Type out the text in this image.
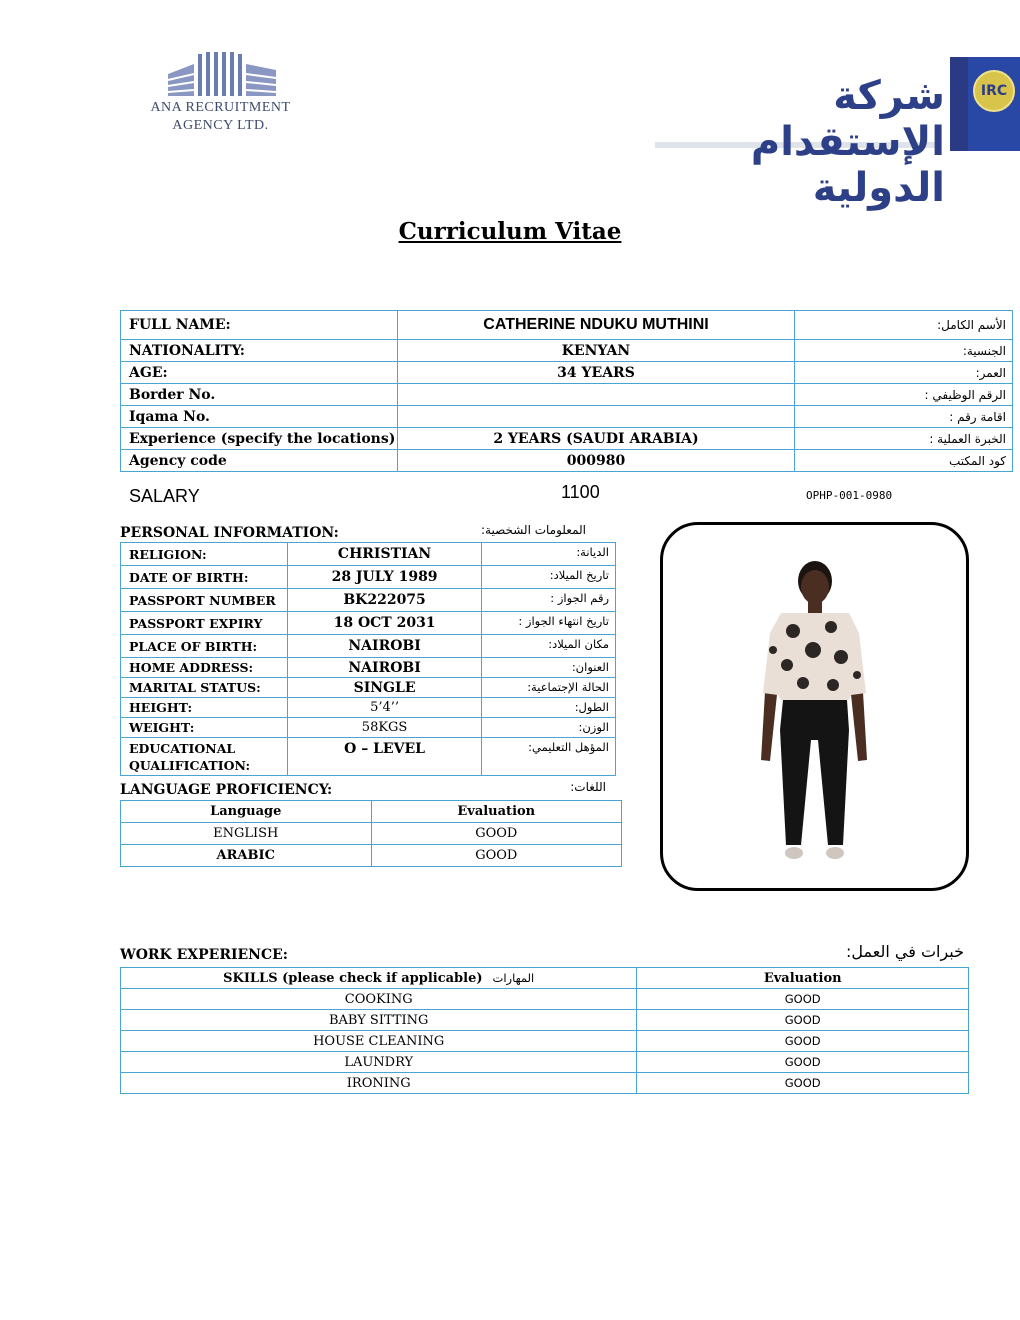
ANA RECRUITMENT
AGENCY LTD.
شركة الإستقدام الدولية
IRC
Curriculum Vitae
FULL NAME:	CATHERINE NDUKU MUTHINI	الأسم الكامل:
NATIONALITY:	KENYAN	الجنسية:
AGE:	34 YEARS	العمر:
Border No.		الرقم الوظيفي :
Iqama No.		اقامة رقم :
Experience (specify the locations)	2 YEARS (SAUDI ARABIA)	الخبرة العملية :
Agency code	000980	كود المكتب
SALARY	1100	OPHP-001-0980
PERSONAL INFORMATION:	المعلومات الشخصية:
RELIGION:	CHRISTIAN	الديانة:
DATE OF BIRTH:	28 JULY 1989	تاريخ الميلاد:
PASSPORT NUMBER	BK222075	رقم الجواز :
PASSPORT EXPIRY	18 OCT 2031	تاريخ انتهاء الجواز :
PLACE OF BIRTH:	NAIROBI	مكان الميلاد:
HOME ADDRESS:	NAIROBI	العنوان:
MARITAL STATUS:	SINGLE	الحالة الإجتماعية:
HEIGHT:	5’4’’	الطول:
WEIGHT:	58KGS	الوزن:
EDUCATIONAL QUALIFICATION:	O – LEVEL	المؤهل التعليمي:
LANGUAGE PROFICIENCY:	اللغات:
Language	Evaluation
ENGLISH	GOOD
ARABIC	GOOD
WORK EXPERIENCE:	خبرات في العمل:
SKILLS (please check if applicable) المهارات	Evaluation
COOKING	GOOD
BABY SITTING	GOOD
HOUSE CLEANING	GOOD
LAUNDRY	GOOD
IRONING	GOOD
